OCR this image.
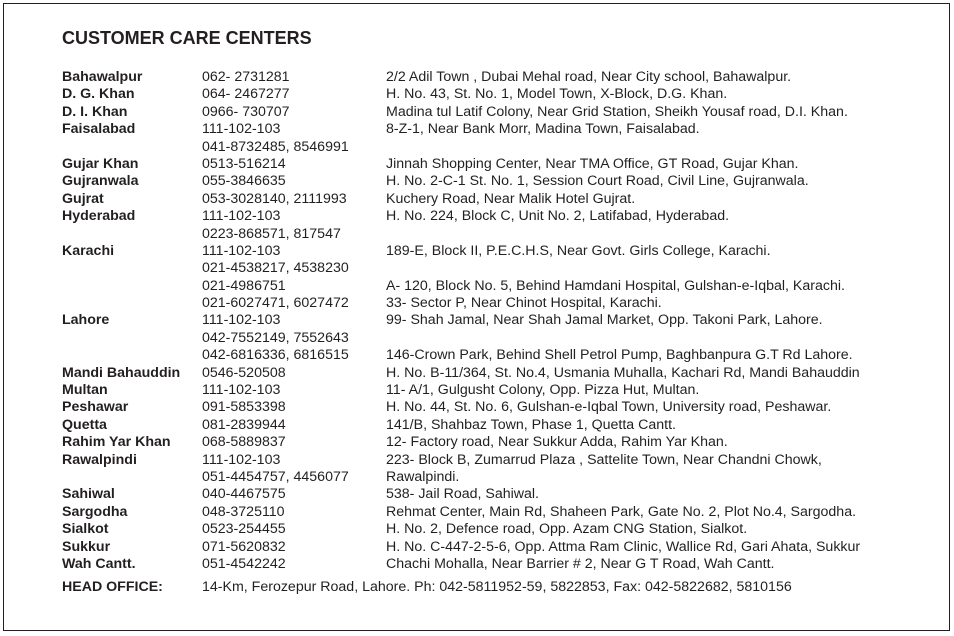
CUSTOMER CARE CENTERS
Bahawalpur	062- 2731281	2/2 Adil Town , Dubai Mehal road, Near City school, Bahawalpur.
D. G. Khan	064- 2467277	H. No. 43, St. No. 1, Model Town, X-Block, D.G. Khan.
D. I. Khan	0966- 730707	Madina tul Latif Colony, Near Grid Station, Sheikh Yousaf road, D.I. Khan.
Faisalabad	111-102-103	8-Z-1, Near Bank Morr, Madina Town, Faisalabad.
041-8732485, 8546991
Gujar Khan	0513-516214	Jinnah Shopping Center, Near TMA Office, GT Road, Gujar Khan.
Gujranwala	055-3846635	H. No. 2-C-1 St. No. 1, Session Court Road, Civil Line, Gujranwala.
Gujrat	053-3028140, 2111993	Kuchery Road, Near Malik Hotel Gujrat.
Hyderabad	111-102-103	H. No. 224, Block C, Unit No. 2, Latifabad, Hyderabad.
0223-868571, 817547
Karachi	111-102-103	189-E, Block II, P.E.C.H.S, Near Govt. Girls College, Karachi.
021-4538217, 4538230
021-4986751	A- 120, Block No. 5, Behind Hamdani Hospital, Gulshan-e-Iqbal, Karachi.
021-6027471, 6027472	33- Sector P, Near Chinot Hospital, Karachi.
Lahore	111-102-103	99- Shah Jamal, Near Shah Jamal Market, Opp. Takoni Park, Lahore.
042-7552149, 7552643
042-6816336, 6816515	146-Crown Park, Behind Shell Petrol Pump, Baghbanpura G.T Rd Lahore.
Mandi Bahauddin 0546-520508	H. No. B-11/364, St. No.4, Usmania Muhalla, Kachari Rd, Mandi Bahauddin
Multan	111-102-103	11- A/1, Gulgusht Colony, Opp. Pizza Hut, Multan.
Peshawar	091-5853398	H. No. 44, St. No. 6, Gulshan-e-Iqbal Town, University road, Peshawar.
Quetta	081-2839944	141/B, Shahbaz Town, Phase 1, Quetta Cantt.
Rahim Yar Khan 068-5889837	12- Factory road, Near Sukkur Adda, Rahim Yar Khan.
Rawalpindi	111-102-103	223- Block B, Zumarrud Plaza , Sattelite Town, Near Chandni Chowk,
051-4454757, 4456077	Rawalpindi.
Sahiwal	040-4467575	538- Jail Road, Sahiwal.
Sargodha	048-3725110	Rehmat Center, Main Rd, Shaheen Park, Gate No. 2, Plot No.4, Sargodha.
Sialkot	0523-254455	H. No. 2, Defence road, Opp. Azam CNG Station, Sialkot.
Sukkur	071-5620832	H. No. C-447-2-5-6, Opp. Attma Ram Clinic, Wallice Rd, Gari Ahata, Sukkur
Wah Cantt.	051-4542242	Chachi Mohalla, Near Barrier # 2, Near G T Road, Wah Cantt.
HEAD OFFICE:	14-Km, Ferozepur Road, Lahore. Ph: 042-5811952-59, 5822853, Fax: 042-5822682, 5810156
